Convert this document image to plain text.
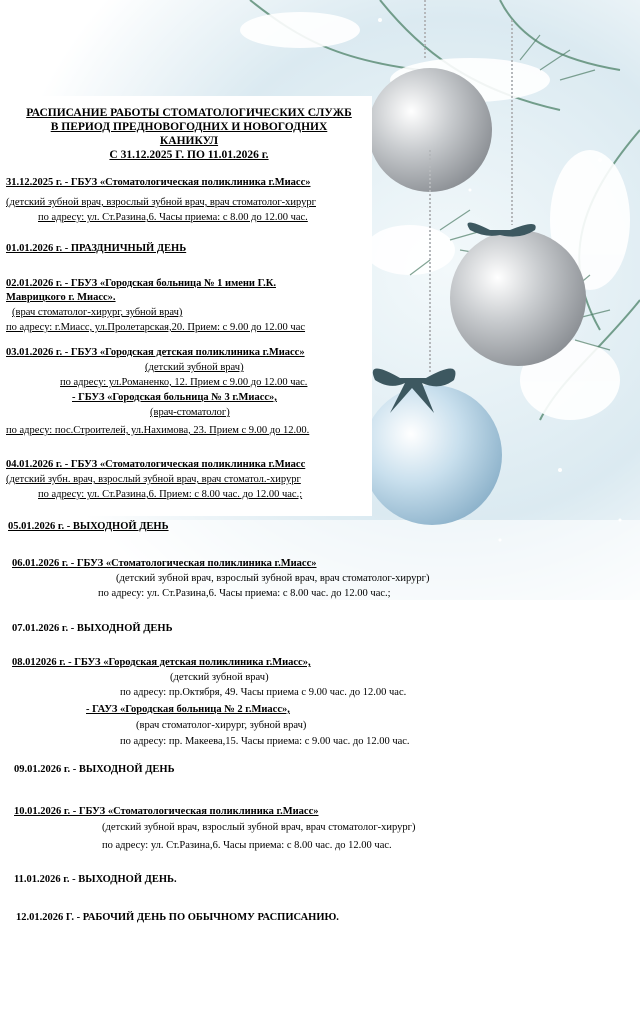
РАСПИСАНИЕ РАБОТЫ СТОМАТОЛОГИЧЕСКИХ СЛУЖБ
В ПЕРИОД ПРЕДНОВОГОДНИХ И НОВОГОДНИХ
КАНИКУЛ
С 31.12.2025 Г. ПО 11.01.2026 г.
31.12.2025 г. - ГБУЗ «Стоматологическая поликлиника г.Миасс»
(детский зубной врач, взрослый зубной врач, врач стоматолог-хирург
по адресу: ул. Ст.Разина,6. Часы приема: с 8.00 до 12.00 час.
01.01.2026 г. - ПРАЗДНИЧНЫЙ ДЕНЬ
02.01.2026 г. - ГБУЗ «Городская больница № 1 имени Г.К.
Маврицкого г. Миасс».
(врач стоматолог-хирург, зубной врач)
по адресу: г.Миасс, ул.Пролетарская,20. Прием: с 9.00 до 12.00 час
03.01.2026 г. - ГБУЗ «Городская детская поликлиника г.Миасс»
(детский зубной врач)
по адресу: ул.Романенко, 12. Прием с 9.00 до 12.00 час.
- ГБУЗ «Городская больница № 3 г.Миасс»,
(врач-стоматолог)
по адресу: пос.Строителей, ул.Нахимова, 23. Прием с 9.00 до 12.00.
04.01.2026 г. - ГБУЗ «Стоматологическая поликлиника г.Миасс
(детский зубн. врач, взрослый зубной врач, врач стоматол.-хирург
по адресу: ул. Ст.Разина,6. Прием: с 8.00 час. до 12.00 час.;
05.01.2026 г. - ВЫХОДНОЙ ДЕНЬ
06.01.2026 г. - ГБУЗ «Стоматологическая поликлиника г.Миасс»
(детский зубной врач, взрослый зубной врач, врач стоматолог-хирург)
по адресу: ул. Ст.Разина,6. Часы приема: с 8.00 час. до 12.00 час.;
07.01.2026 г. - ВЫХОДНОЙ ДЕНЬ
08.012026 г. - ГБУЗ «Городская детская поликлиника г.Миасс»,
(детский зубной врач)
по адресу: пр.Октября, 49. Часы приема с 9.00 час. до 12.00 час.
- ГАУЗ «Городская больница № 2 г.Миасс»,
(врач стоматолог-хирург, зубной врач)
по адресу: пр. Макеева,15. Часы приема: с 9.00 час. до 12.00 час.
09.01.2026 г. - ВЫХОДНОЙ ДЕНЬ
10.01.2026 г. - ГБУЗ «Стоматологическая поликлиника г.Миасс»
(детский зубной врач, взрослый зубной врач, врач стоматолог-хирург)
по адресу: ул. Ст.Разина,6. Часы приема: с 8.00 час. до 12.00 час.
11.01.2026 г. - ВЫХОДНОЙ ДЕНЬ.
12.01.2026 Г. - РАБОЧИЙ ДЕНЬ ПО ОБЫЧНОМУ РАСПИСАНИЮ.
